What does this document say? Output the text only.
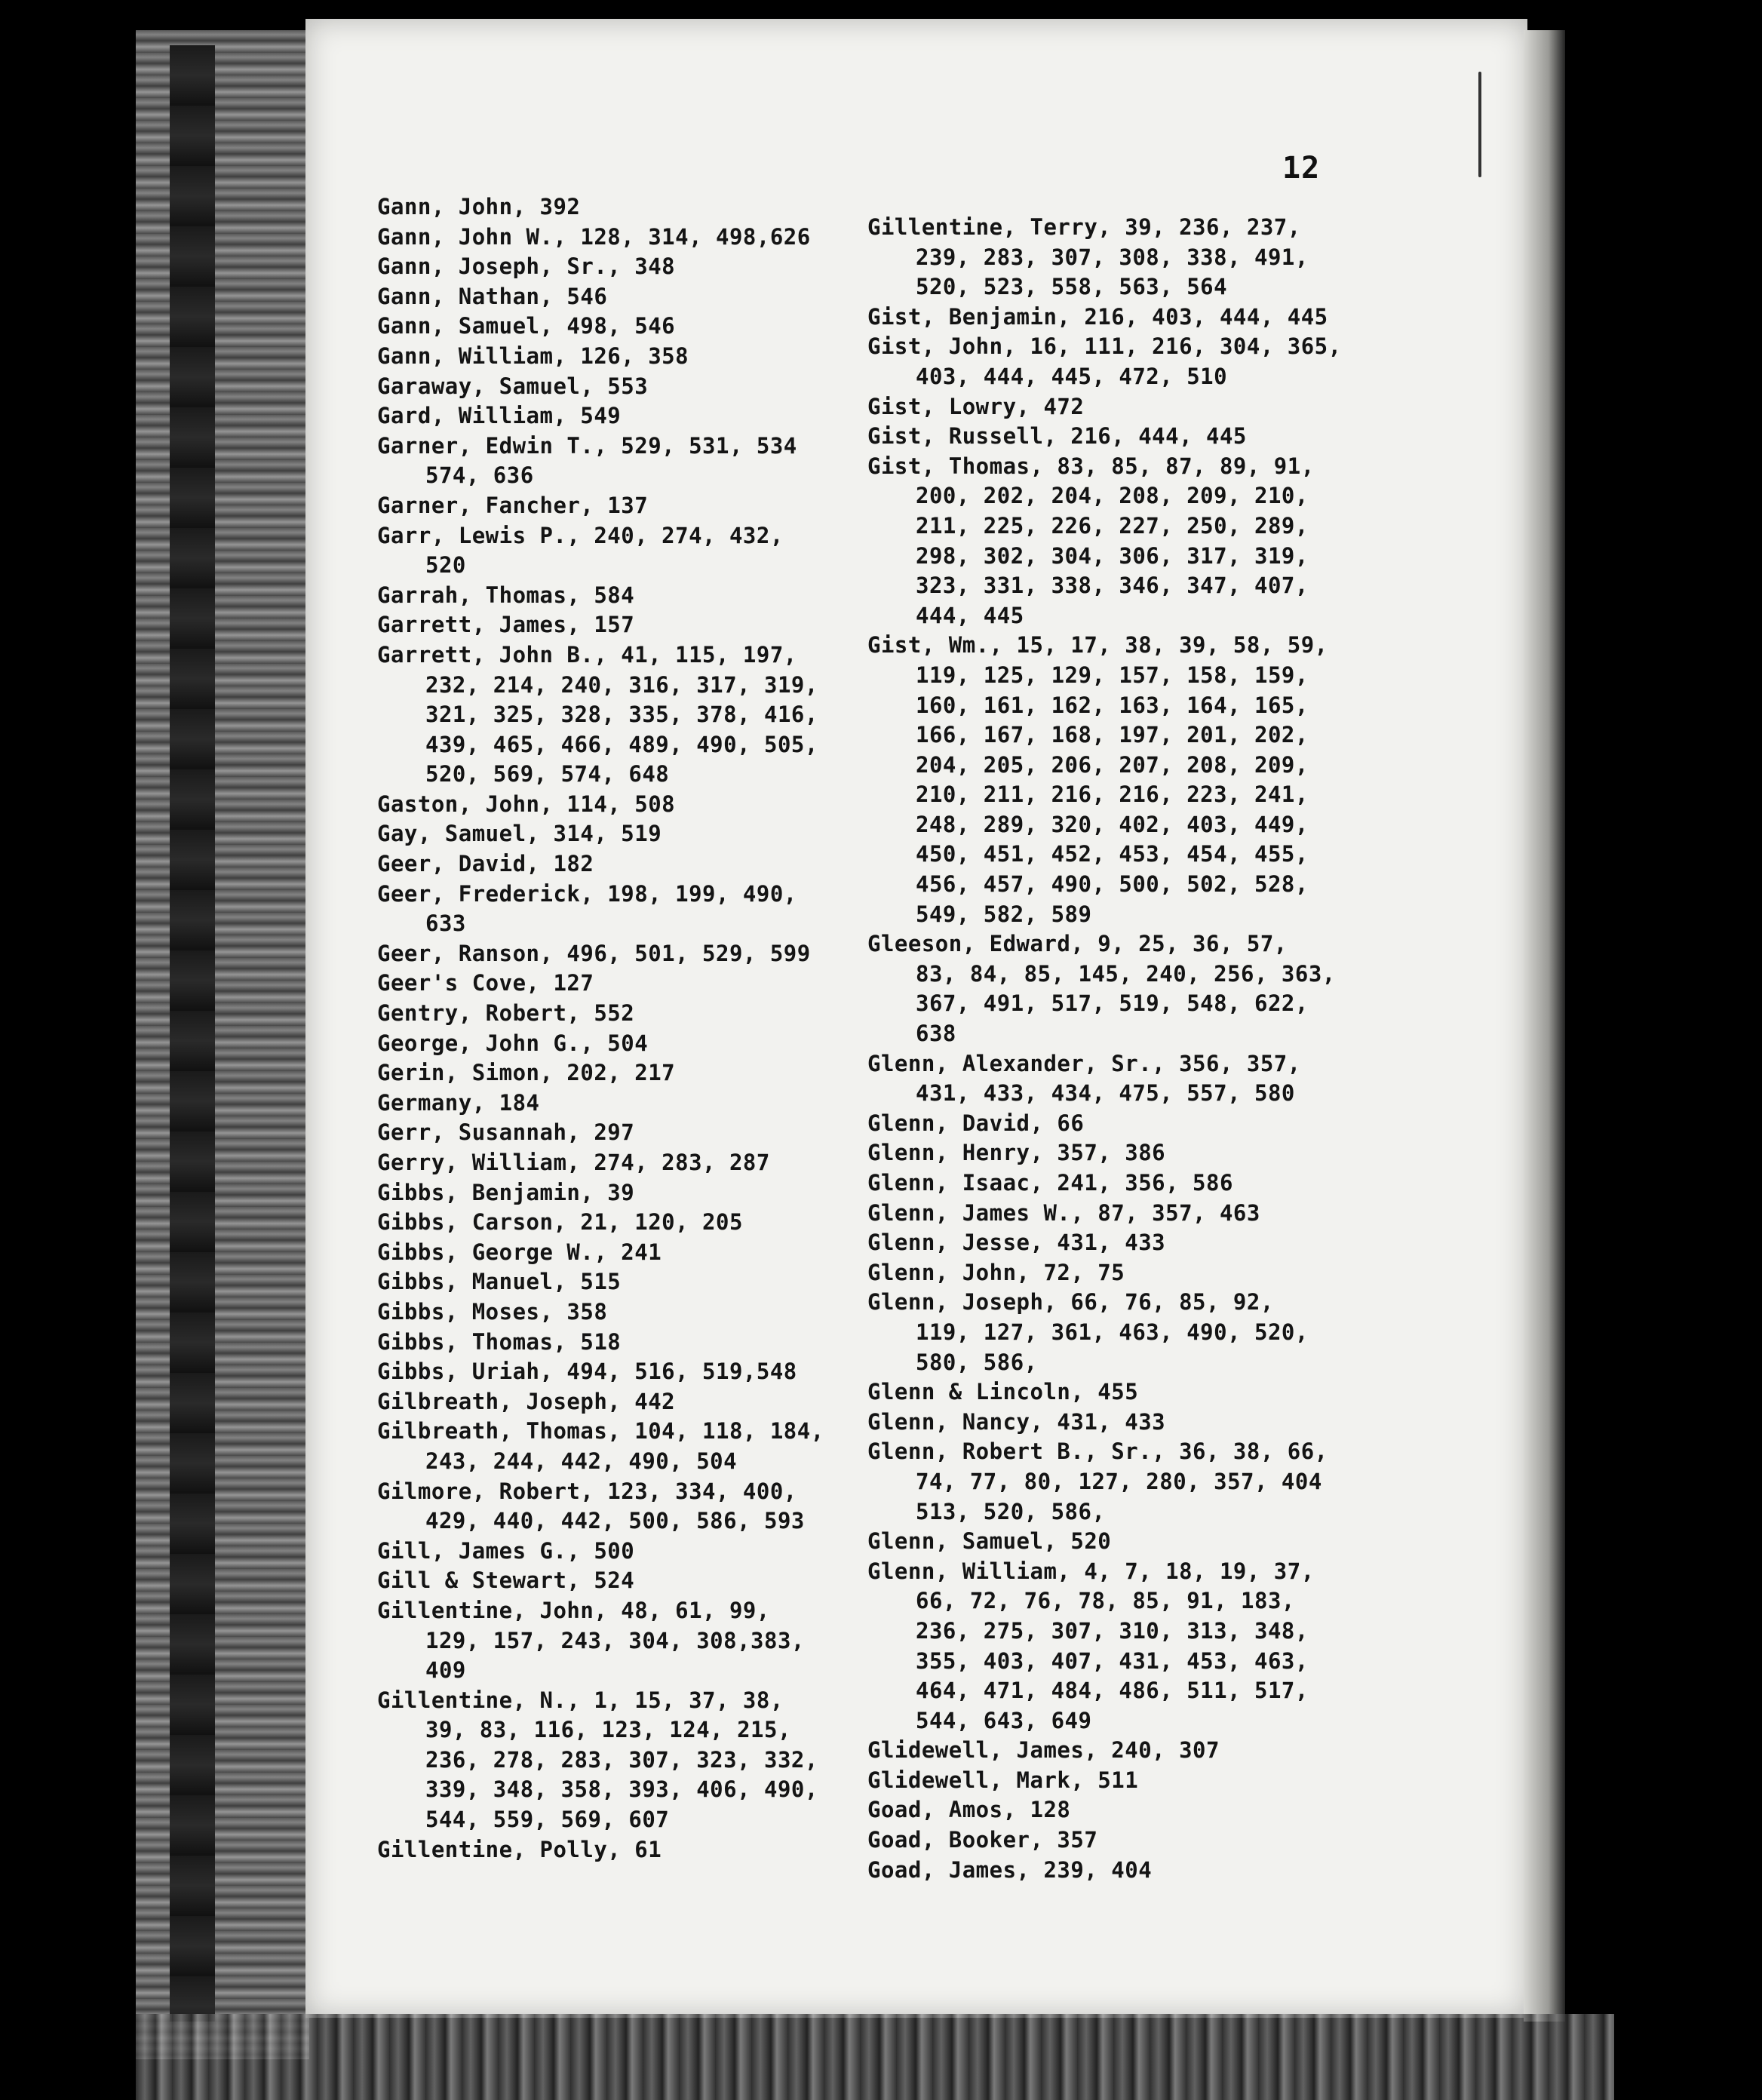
12

Gann, John, 392

Gann, John W., 128, 314, 498,626

Gann, Joseph, Sr., 348

Gann, Nathan, 546

Gann, Samuel, 498, 546

Gann, William, 126, 358

Garaway, Samuel, 553

Gard, William, 549

Garner, Edwin T., 529, 531, 534
574, 636

Garner, Fancher, 137

Garr, Lewis P., 240, 274, 432,
520

Garrah, Thomas, 584

Garrett, James, 157

Garrett, John B., 41, 115, 197,
232, 214, 240, 316, 317, 319,
321, 325, 328, 335, 378, 416,
439, 465, 466, 489, 490, 505,
520, 569, 574, 648

Gaston, John, 114, 508

Gay, Samuel, 314, 519

Geer, David, 182

Geer, Frederick, 198, 199, 490,
633

Geer, Ranson, 496, 501, 529, 599

Geer's Cove, 127

Gentry, Robert, 552

George, John G., 504

Gerin, Simon, 202, 217

Germany, 184

Gerr, Susannah, 297

Gerry, William, 274, 283, 287

Gibbs, Benjamin, 39

Gibbs, Carson, 21, 120, 205

Gibbs, George W., 241

Gibbs, Manuel, 515

Gibbs, Moses, 358

Gibbs, Thomas, 518

Gibbs, Uriah, 494, 516, 519,548

Gilbreath, Joseph, 442

Gilbreath, Thomas, 104, 118, 184,
243, 244, 442, 490, 504

Gilmore, Robert, 123, 334, 400,
429, 440, 442, 500, 586, 593

Gill, James G., 500

Gill & Stewart, 524

Gillentine, John, 48, 61, 99,
129, 157, 243, 304, 308,383,
409

Gillentine, N., 1, 15, 37, 38,
39, 83, 116, 123, 124, 215,
236, 278, 283, 307, 323, 332,
339, 348, 358, 393, 406, 490,
544, 559, 569, 607

Gillentine, Polly, 61

Gillentine, Terry, 39, 236, 237,
239, 283, 307, 308, 338, 491,
520, 523, 558, 563, 564

Gist, Benjamin, 216, 403, 444, 445

Gist, John, 16, 111, 216, 304, 365,
403, 444, 445, 472, 510

Gist, Lowry, 472

Gist, Russell, 216, 444, 445

Gist, Thomas, 83, 85, 87, 89, 91,
200, 202, 204, 208, 209, 210,
211, 225, 226, 227, 250, 289,
298, 302, 304, 306, 317, 319,
323, 331, 338, 346, 347, 407,
444, 445

Gist, Wm., 15, 17, 38, 39, 58, 59,
119, 125, 129, 157, 158, 159,
160, 161, 162, 163, 164, 165,
166, 167, 168, 197, 201, 202,
204, 205, 206, 207, 208, 209,
210, 211, 216, 216, 223, 241,
248, 289, 320, 402, 403, 449,
450, 451, 452, 453, 454, 455,
456, 457, 490, 500, 502, 528,
549, 582, 589

Gleeson, Edward, 9, 25, 36, 57,
83, 84, 85, 145, 240, 256, 363,
367, 491, 517, 519, 548, 622,
638

Glenn, Alexander, Sr., 356, 357,
431, 433, 434, 475, 557, 580

Glenn, David, 66

Glenn, Henry, 357, 386

Glenn, Isaac, 241, 356, 586

Glenn, James W., 87, 357, 463

Glenn, Jesse, 431, 433

Glenn, John, 72, 75

Glenn, Joseph, 66, 76, 85, 92,
119, 127, 361, 463, 490, 520,
580, 586,

Glenn & Lincoln, 455

Glenn, Nancy, 431, 433

Glenn, Robert B., Sr., 36, 38, 66,
74, 77, 80, 127, 280, 357, 404
513, 520, 586,

Glenn, Samuel, 520

Glenn, William, 4, 7, 18, 19, 37,
66, 72, 76, 78, 85, 91, 183,
236, 275, 307, 310, 313, 348,
355, 403, 407, 431, 453, 463,
464, 471, 484, 486, 511, 517,
544, 643, 649

Glidewell, James, 240, 307

Glidewell, Mark, 511

Goad, Amos, 128

Goad, Booker, 357

Goad, James, 239, 404
